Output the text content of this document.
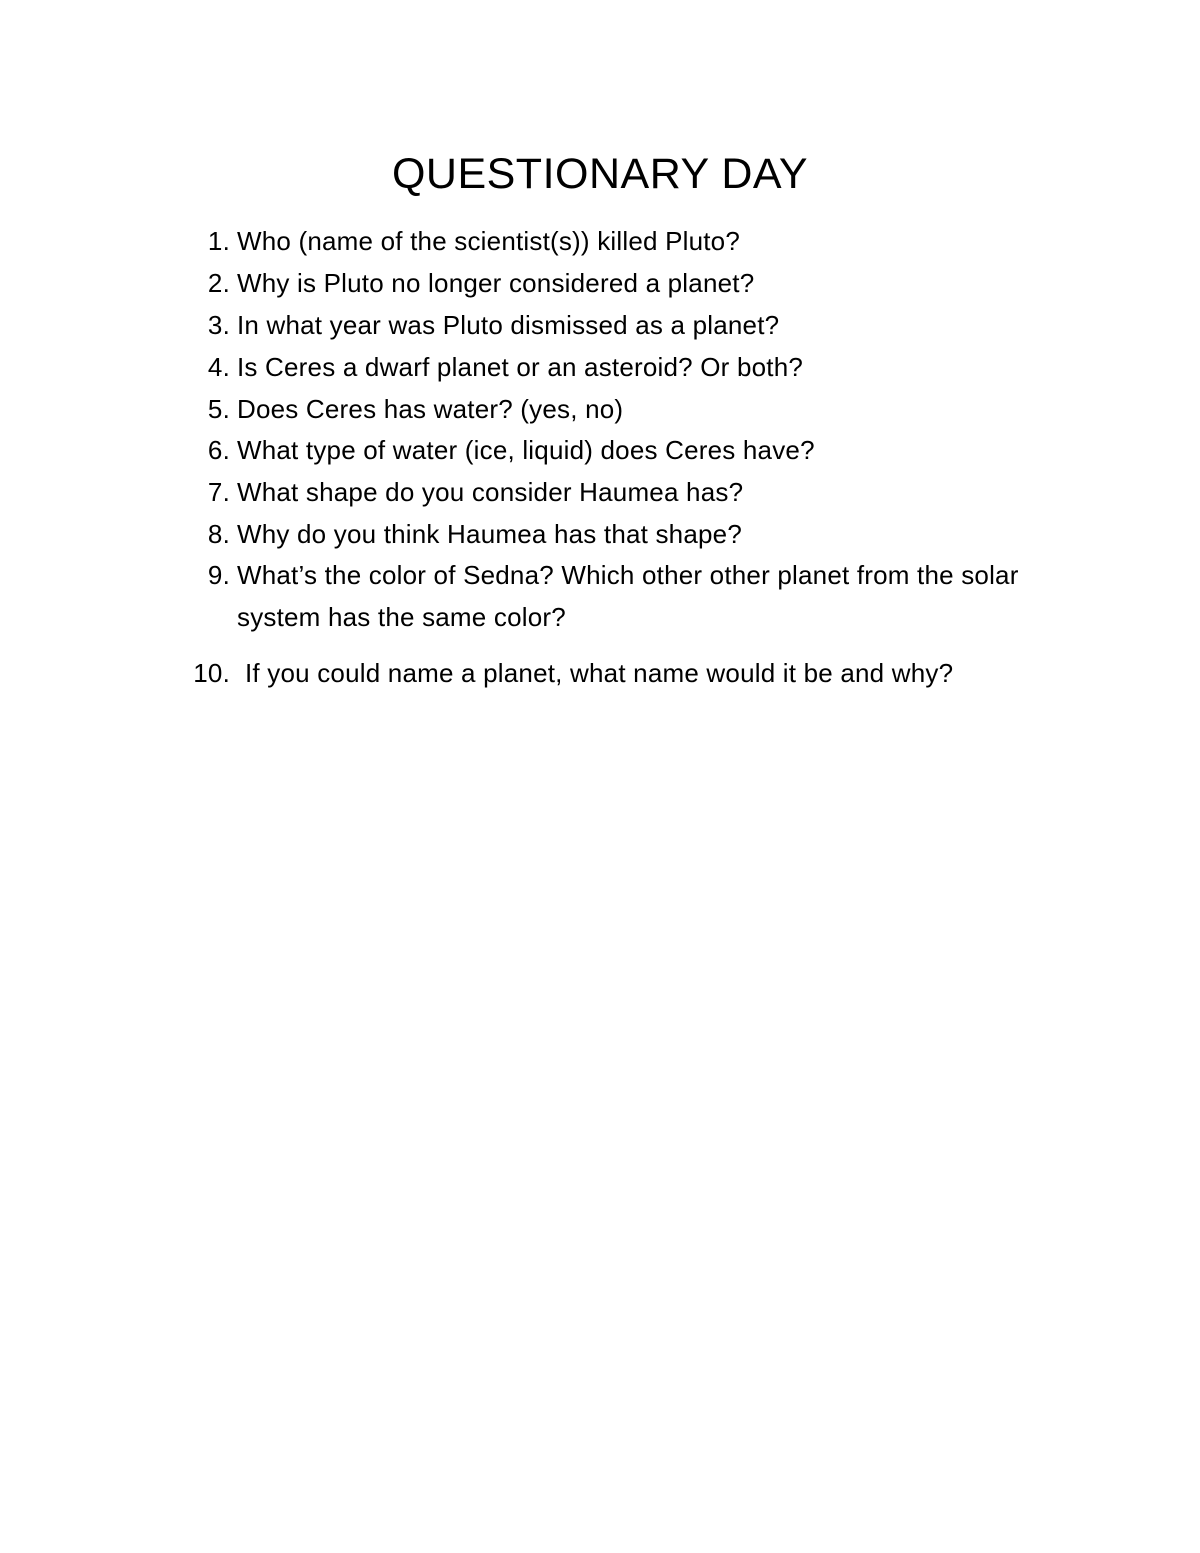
QUESTIONARY DAY
1. Who (name of the scientist(s)) killed Pluto?
2. Why is Pluto no longer considered a planet?
3. In what year was Pluto dismissed as a planet?
4. Is Ceres a dwarf planet or an asteroid? Or both?
5. Does Ceres has water? (yes, no)
6. What type of water (ice, liquid) does Ceres have?
7. What shape do you consider Haumea has?
8. Why do you think Haumea has that shape?
9. What’s the color of Sedna? Which other other planet from the solar system has the same color?
10. If you could name a planet, what name would it be and why?
